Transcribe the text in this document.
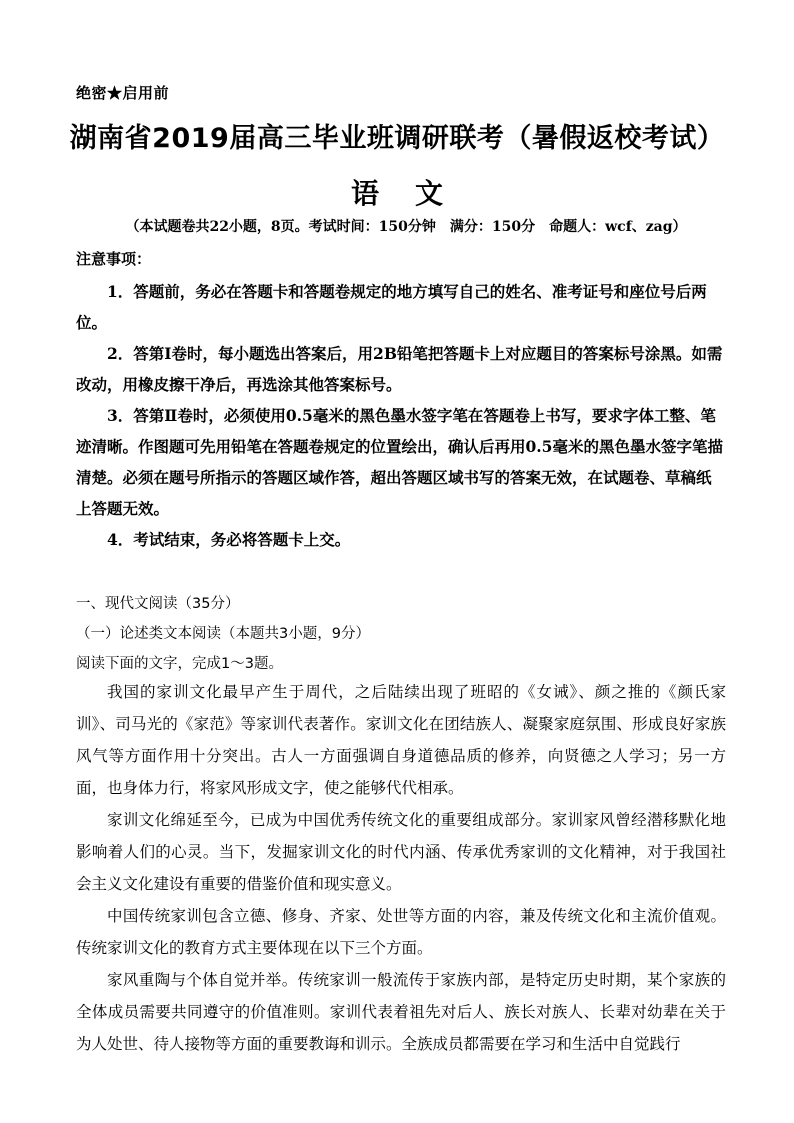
绝密★启用前
湖南省2019届高三毕业班调研联考（暑假返校考试）
语文
（本试题卷共22小题，8页。考试时间：150分钟　满分：150分　命题人：wcf、zag）
注意事项：

1．答题前，务必在答题卡和答题卷规定的地方填写自己的姓名、准考证号和座位号后两位。

2．答第Ⅰ卷时，每小题选出答案后，用2B铅笔把答题卡上对应题目的答案标号涂黑。如需改动，用橡皮擦干净后，再选涂其他答案标号。

3．答第Ⅱ卷时，必须使用0.5毫米的黑色墨水签字笔在答题卷上书写，要求字体工整、笔迹清晰。作图题可先用铅笔在答题卷规定的位置绘出，确认后再用0.5毫米的黑色墨水签字笔描清楚。必须在题号所指示的答题区域作答，超出答题区域书写的答案无效，在试题卷、草稿纸上答题无效。

4．考试结束，务必将答题卡上交。

一、现代文阅读（35分）
（一）论述类文本阅读（本题共3小题，9分）
阅读下面的文字，完成1～3题。

我国的家训文化最早产生于周代，之后陆续出现了班昭的《女诫》、颜之推的《颜氏家训》、司马光的《家范》等家训代表著作。家训文化在团结族人、凝聚家庭氛围、形成良好家族风气等方面作用十分突出。古人一方面强调自身道德品质的修养，向贤德之人学习；另一方面，也身体力行，将家风形成文字，使之能够代代相承。

家训文化绵延至今，已成为中国优秀传统文化的重要组成部分。家训家风曾经潜移默化地影响着人们的心灵。当下，发掘家训文化的时代内涵、传承优秀家训的文化精神，对于我国社会主义文化建设有重要的借鉴价值和现实意义。

中国传统家训包含立德、修身、齐家、处世等方面的内容，兼及传统文化和主流价值观。传统家训文化的教育方式主要体现在以下三个方面。

家风重陶与个体自觉并举。传统家训一般流传于家族内部，是特定历史时期，某个家族的全体成员需要共同遵守的价值准则。家训代表着祖先对后人、族长对族人、长辈对幼辈在关于为人处世、待人接物等方面的重要教诲和训示。全族成员都需要在学习和生活中自觉践行
